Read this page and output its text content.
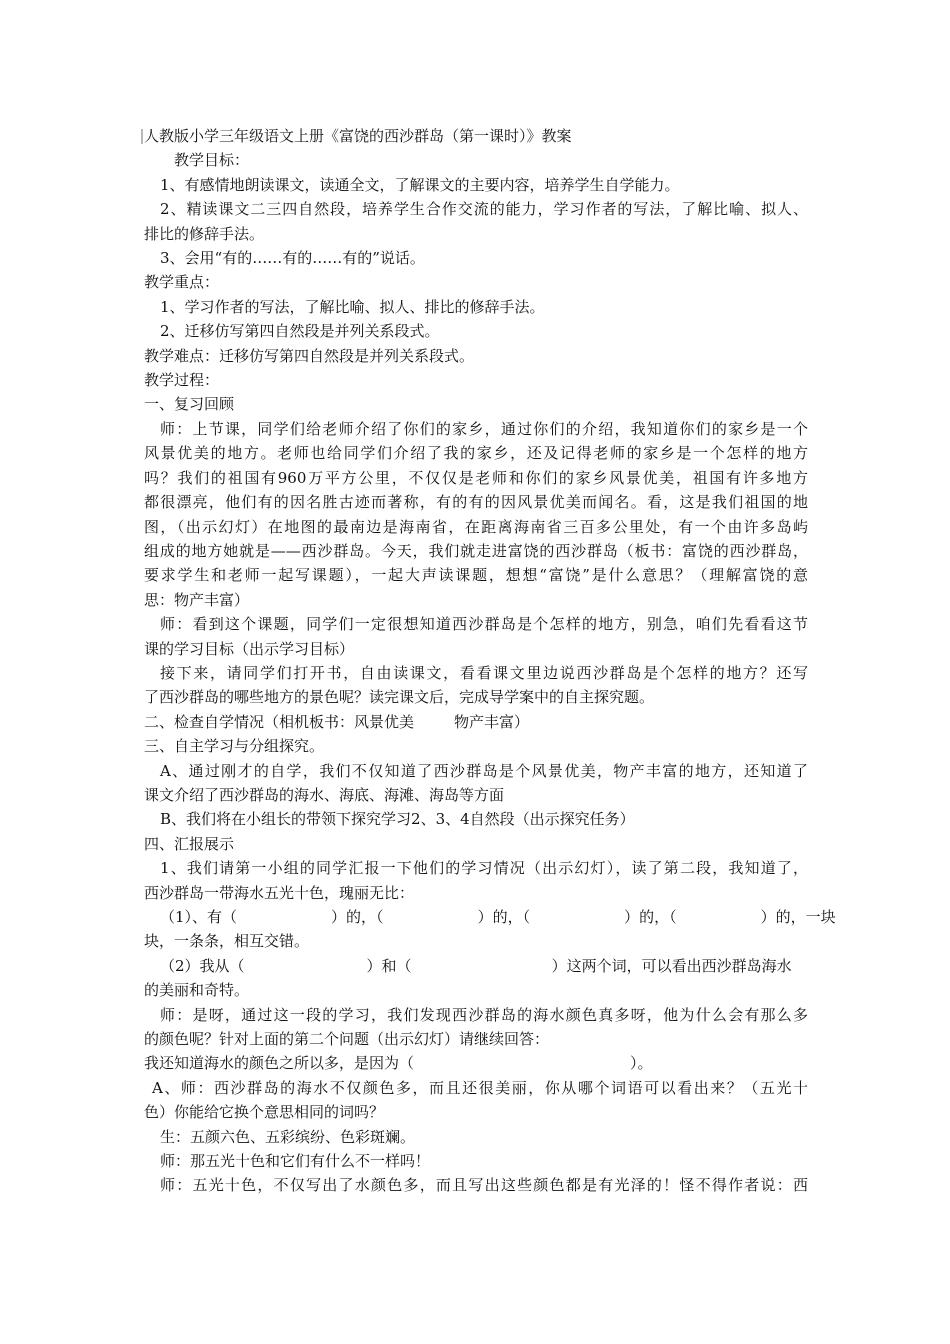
人教版小学三年级语文上册《富饶的西沙群岛（第一课时）》教案
教学目标：
1、有感情地朗读课文，读通全文，了解课文的主要内容，培养学生自学能力。
2、精读课文二三四自然段，培养学生合作交流的能力，学习作者的写法，了解比喻、拟人、
排比的修辞手法。
3、会用“有的……有的……有的”说话。
教学重点：
1、学习作者的写法，了解比喻、拟人、排比的修辞手法。
2、迁移仿写第四自然段是并列关系段式。
教学难点：迁移仿写第四自然段是并列关系段式。
教学过程：
一、复习回顾
师：上节课，同学们给老师介绍了你们的家乡，通过你们的介绍，我知道你们的家乡是一个
风景优美的地方。老师也给同学们介绍了我的家乡，还及记得老师的家乡是一个怎样的地方
吗？我们的祖国有960万平方公里，不仅仅是老师和你们的家乡风景优美，祖国有许多地方
都很漂亮，他们有的因名胜古迹而著称，有的有的因风景优美而闻名。看，这是我们祖国的地
图，（出示幻灯）在地图的最南边是海南省，在距离海南省三百多公里处，有一个由许多岛屿
组成的地方她就是——西沙群岛。今天，我们就走进富饶的西沙群岛（板书：富饶的西沙群岛，
要求学生和老师一起写课题），一起大声读课题，想想“富饶”是什么意思？（理解富饶的意
思：物产丰富）
师：看到这个课题，同学们一定很想知道西沙群岛是个怎样的地方，别急，咱们先看看这节
课的学习目标（出示学习目标）
接下来，请同学们打开书，自由读课文，看看课文里边说西沙群岛是个怎样的地方？还写
了西沙群岛的哪些地方的景色呢？读完课文后，完成导学案中的自主探究题。
二、检查自学情况（相机板书：风景优美	物产丰富）
三、自主学习与分组探究。
A、通过刚才的自学，我们不仅知道了西沙群岛是个风景优美，物产丰富的地方，还知道了
课文介绍了西沙群岛的海水、海底、海滩、海岛等方面
B、我们将在小组长的带领下探究学习2、3、4自然段（出示探究任务）
四、汇报展示
1、我们请第一小组的同学汇报一下他们的学习情况（出示幻灯），读了第二段，我知道了，
西沙群岛一带海水五光十色，瑰丽无比：
（1）、有（	）的，（	）的，（	）的，（	）的，一块
块，一条条，相互交错。
（2）我从（	）和（	）这两个词，可以看出西沙群岛海水
的美丽和奇特。
师：是呀，通过这一段的学习，我们发现西沙群岛的海水颜色真多呀，他为什么会有那么多
的颜色呢？针对上面的第二个问题（出示幻灯）请继续回答：
我还知道海水的颜色之所以多，是因为（	）。
A、师：西沙群岛的海水不仅颜色多，而且还很美丽，你从哪个词语可以看出来？（五光十
色）你能给它换个意思相同的词吗？
生：五颜六色、五彩缤纷、色彩斑斓。
师：那五光十色和它们有什么不一样吗！
师：五光十色，不仅写出了水颜色多，而且写出这些颜色都是有光泽的！怪不得作者说：西
